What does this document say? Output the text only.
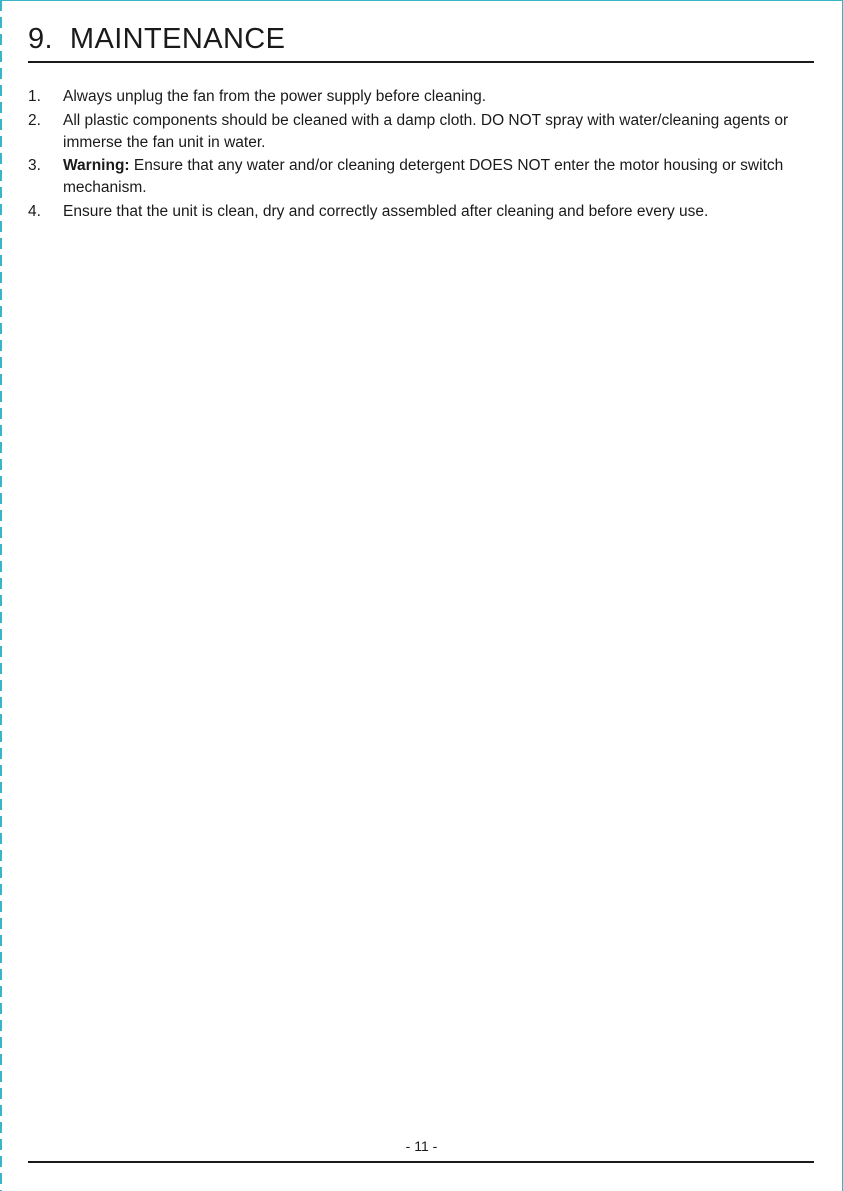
9. MAINTENANCE
1. Always unplug the fan from the power supply before cleaning.
2. All plastic components should be cleaned with a damp cloth. DO NOT spray with water/cleaning agents or immerse the fan unit in water.
3. Warning: Ensure that any water and/or cleaning detergent DOES NOT enter the motor housing or switch mechanism.
4. Ensure that the unit is clean, dry and correctly assembled after cleaning and before every use.
- 11 -
